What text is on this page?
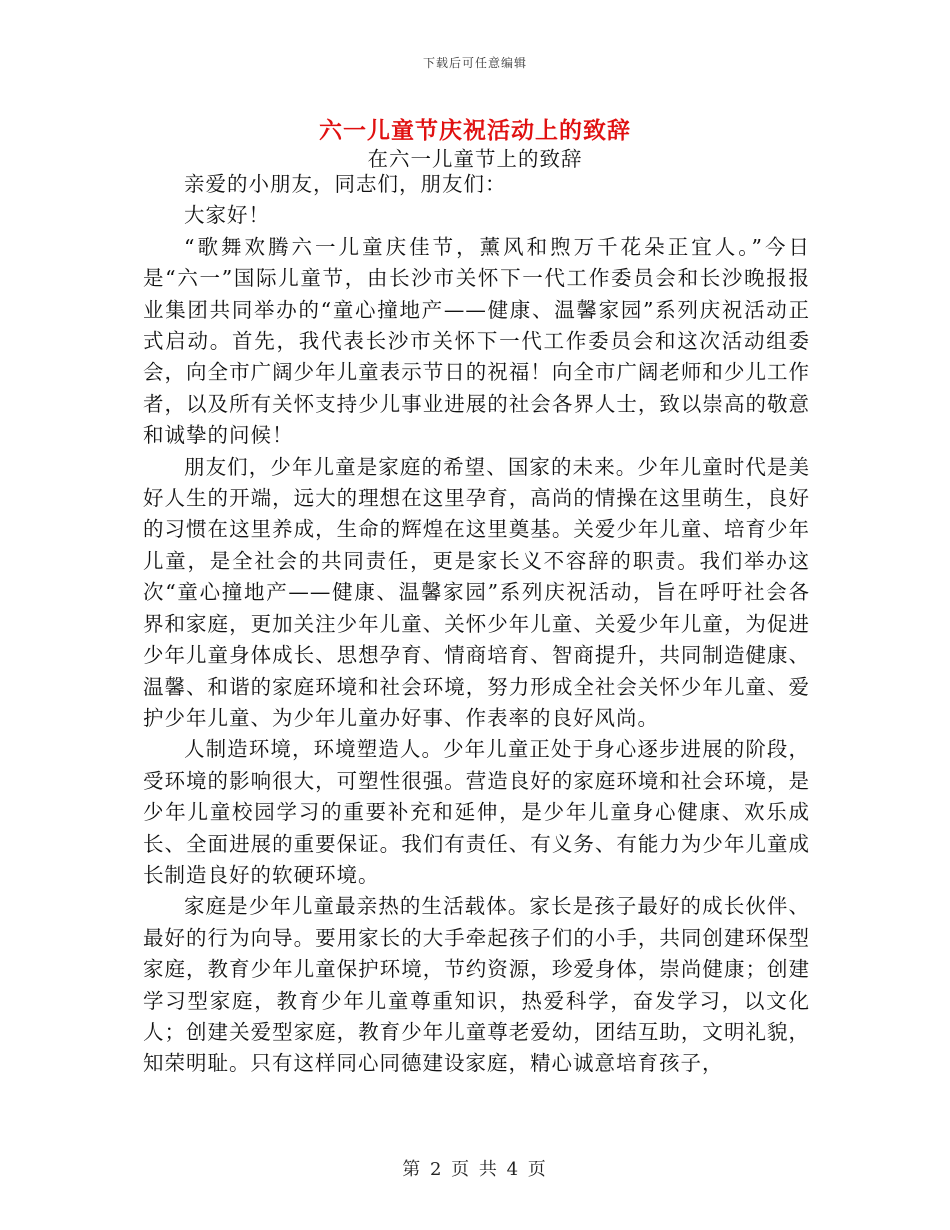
下载后可任意编辑
六一儿童节庆祝活动上的致辞
在六一儿童节上的致辞

亲爱的小朋友，同志们，朋友们：

大家好！

“歌舞欢腾六一儿童庆佳节，薰风和煦万千花朵正宜人。”今日是“六一”国际儿童节，由长沙市关怀下一代工作委员会和长沙晚报报业集团共同举办的“童心撞地产——健康、温馨家园”系列庆祝活动正式启动。首先，我代表长沙市关怀下一代工作委员会和这次活动组委会，向全市广阔少年儿童表示节日的祝福！向全市广阔老师和少儿工作者，以及所有关怀支持少儿事业进展的社会各界人士，致以崇高的敬意和诚挚的问候！

朋友们，少年儿童是家庭的希望、国家的未来。少年儿童时代是美好人生的开端，远大的理想在这里孕育，高尚的情操在这里萌生，良好的习惯在这里养成，生命的辉煌在这里奠基。关爱少年儿童、培育少年儿童，是全社会的共同责任，更是家长义不容辞的职责。我们举办这次“童心撞地产——健康、温馨家园”系列庆祝活动，旨在呼吁社会各界和家庭，更加关注少年儿童、关怀少年儿童、关爱少年儿童，为促进少年儿童身体成长、思想孕育、情商培育、智商提升，共同制造健康、温馨、和谐的家庭环境和社会环境，努力形成全社会关怀少年儿童、爱护少年儿童、为少年儿童办好事、作表率的良好风尚。

人制造环境，环境塑造人。少年儿童正处于身心逐步进展的阶段，受环境的影响很大，可塑性很强。营造良好的家庭环境和社会环境，是少年儿童校园学习的重要补充和延伸，是少年儿童身心健康、欢乐成长、全面进展的重要保证。我们有责任、有义务、有能力为少年儿童成长制造良好的软硬环境。

家庭是少年儿童最亲热的生活载体。家长是孩子最好的成长伙伴、最好的行为向导。要用家长的大手牵起孩子们的小手，共同创建环保型家庭，教育少年儿童保护环境，节约资源，珍爱身体，崇尚健康；创建学习型家庭，教育少年儿童尊重知识，热爱科学，奋发学习，以文化人；创建关爱型家庭，教育少年儿童尊老爱幼，团结互助，文明礼貌，知荣明耻。只有这样同心同德建设家庭，精心诚意培育孩子，

第 2 页 共 4 页
